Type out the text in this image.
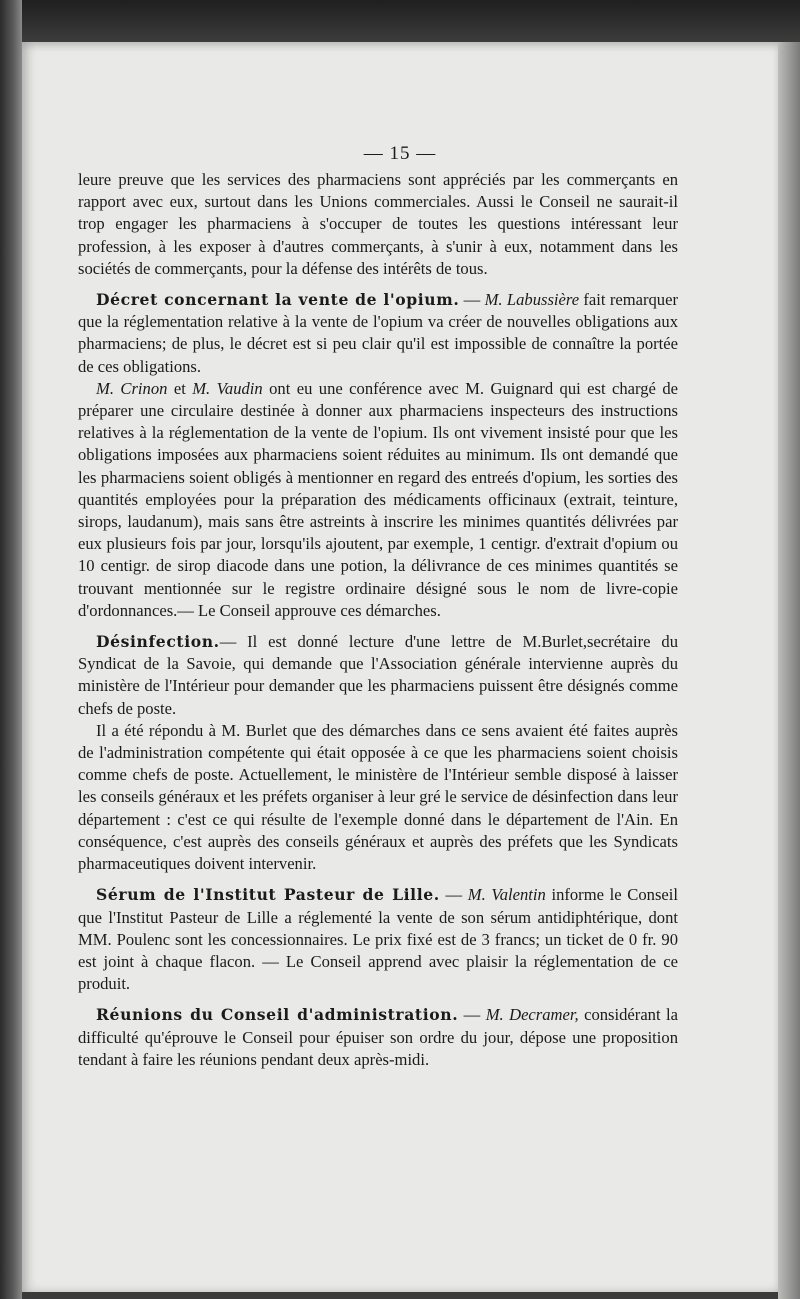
— 15 —

leure preuve que les services des pharmaciens sont appréciés par les commerçants en rapport avec eux, surtout dans les Unions commerciales. Aussi le Conseil ne saurait-il trop engager les pharmaciens à s'occuper de toutes les questions intéressant leur profession, à les exposer à d'autres commerçants, à s'unir à eux, notamment dans les sociétés de commerçants, pour la défense des intérêts de tous.

Décret concernant la vente de l'opium. — M. Labussière fait remarquer que la réglementation relative à la vente de l'opium va créer de nouvelles obligations aux pharmaciens; de plus, le décret est si peu clair qu'il est impossible de connaître la portée de ces obligations.

M. Crinon et M. Vaudin ont eu une conférence avec M. Guignard qui est chargé de préparer une circulaire destinée à donner aux pharmaciens inspecteurs des instructions relatives à la réglementation de la vente de l'opium. Ils ont vivement insisté pour que les obligations imposées aux pharmaciens soient réduites au minimum. Ils ont demandé que les pharmaciens soient obligés à mentionner en regard des entreés d'opium, les sorties des quantités employées pour la préparation des médicaments officinaux (extrait, teinture, sirops, laudanum), mais sans être astreints à inscrire les minimes quantités délivrées par eux plusieurs fois par jour, lorsqu'ils ajoutent, par exemple, 1 centigr. d'extrait d'opium ou 10 centigr. de sirop diacode dans une potion, la délivrance de ces minimes quantités se trouvant mentionnée sur le registre ordinaire désigné sous le nom de livre-copie d'ordonnances.— Le Conseil approuve ces démarches.

Désinfection.— Il est donné lecture d'une lettre de M.Burlet,secrétaire du Syndicat de la Savoie, qui demande que l'Association générale intervienne auprès du ministère de l'Intérieur pour demander que les pharmaciens puissent être désignés comme chefs de poste.

Il a été répondu à M. Burlet que des démarches dans ce sens avaient été faites auprès de l'administration compétente qui était opposée à ce que les pharmaciens soient choisis comme chefs de poste. Actuellement, le ministère de l'Intérieur semble disposé à laisser les conseils généraux et les préfets organiser à leur gré le service de désinfection dans leur département : c'est ce qui résulte de l'exemple donné dans le département de l'Ain. En conséquence, c'est auprès des conseils généraux et auprès des préfets que les Syndicats pharmaceutiques doivent intervenir.

Sérum de l'Institut Pasteur de Lille. — M. Valentin informe le Conseil que l'Institut Pasteur de Lille a réglementé la vente de son sérum antidiphtérique, dont MM. Poulenc sont les concessionnaires. Le prix fixé est de 3 francs; un ticket de 0 fr. 90 est joint à chaque flacon. — Le Conseil apprend avec plaisir la réglementation de ce produit.

Réunions du Conseil d'administration. — M. Decramer, considérant la difficulté qu'éprouve le Conseil pour épuiser son ordre du jour, dépose une proposition tendant à faire les réunions pendant deux après-midi.
